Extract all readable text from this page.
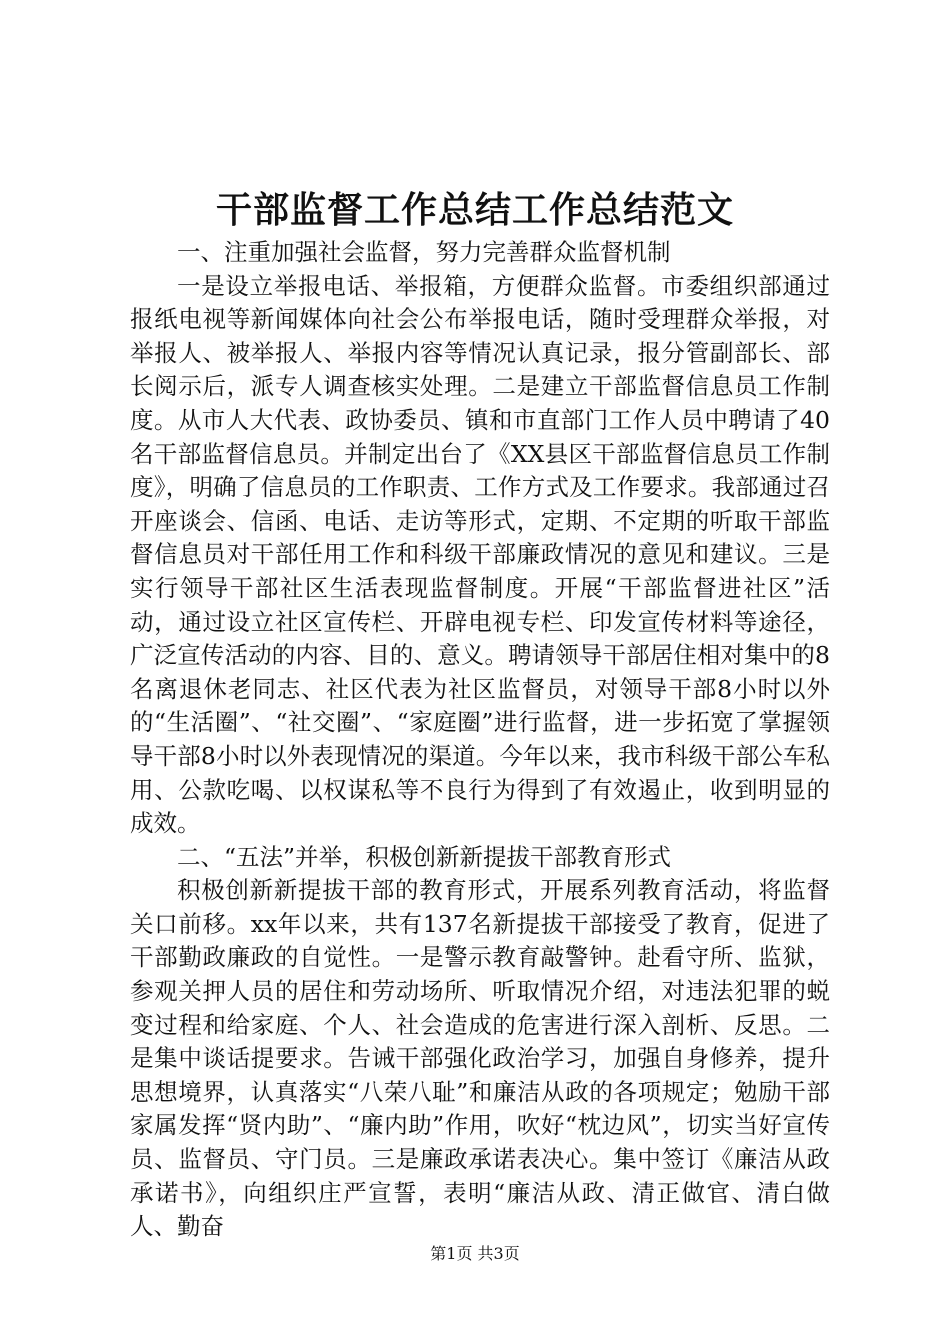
干部监督工作总结工作总结范文

一、注重加强社会监督，努力完善群众监督机制

一是设立举报电话、举报箱，方便群众监督。市委组织部通过报纸电视等新闻媒体向社会公布举报电话，随时受理群众举报，对举报人、被举报人、举报内容等情况认真记录，报分管副部长、部长阅示后，派专人调查核实处理。二是建立干部监督信息员工作制度。从市人大代表、政协委员、镇和市直部门工作人员中聘请了40名干部监督信息员。并制定出台了《XX县区干部监督信息员工作制度》，明确了信息员的工作职责、工作方式及工作要求。我部通过召开座谈会、信函、电话、走访等形式，定期、不定期的听取干部监督信息员对干部任用工作和科级干部廉政情况的意见和建议。三是实行领导干部社区生活表现监督制度。开展“干部监督进社区”活动，通过设立社区宣传栏、开辟电视专栏、印发宣传材料等途径，广泛宣传活动的内容、目的、意义。聘请领导干部居住相对集中的8名离退休老同志、社区代表为社区监督员，对领导干部8小时以外的“生活圈”、“社交圈”、“家庭圈”进行监督，进一步拓宽了掌握领导干部8小时以外表现情况的渠道。今年以来，我市科级干部公车私用、公款吃喝、以权谋私等不良行为得到了有效遏止，收到明显的成效。

二、“五法”并举，积极创新新提拔干部教育形式

积极创新新提拔干部的教育形式，开展系列教育活动，将监督关口前移。xx年以来，共有137名新提拔干部接受了教育，促进了干部勤政廉政的自觉性。一是警示教育敲警钟。赴看守所、监狱，参观关押人员的居住和劳动场所、听取情况介绍，对违法犯罪的蜕变过程和给家庭、个人、社会造成的危害进行深入剖析、反思。二是集中谈话提要求。告诫干部强化政治学习，加强自身修养，提升思想境界，认真落实“八荣八耻”和廉洁从政的各项规定；勉励干部家属发挥“贤内助”、“廉内助”作用，吹好“枕边风”，切实当好宣传员、监督员、守门员。三是廉政承诺表决心。集中签订《廉洁从政承诺书》，向组织庄严宣誓，表明“廉洁从政、清正做官、清白做人、勤奋

第1页 共3页
